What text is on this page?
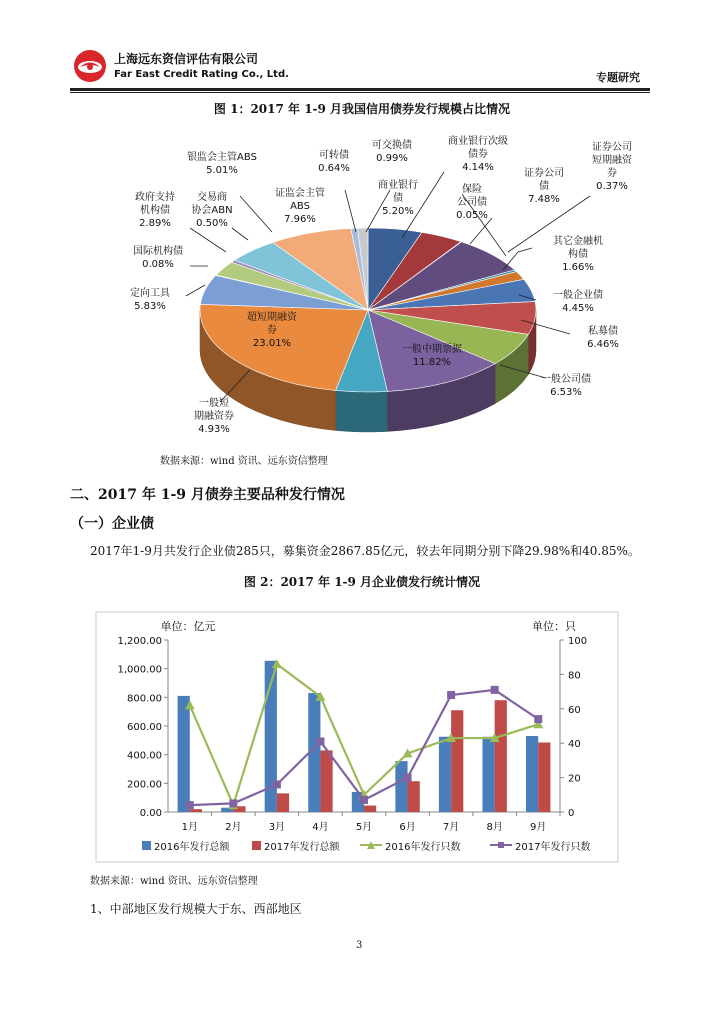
上海远东资信评估有限公司
Far East Credit Rating Co., Ltd.	专题研究
图 1：2017 年 1-9 月我国信用债券发行规模占比情况
商业银行债 5.20%
商业银行次级债券 4.14%
保险公司债 0.05%
证券公司债 7.48%
证券公司短期融资券 0.37%
其它金融机构债 1.66%
一般企业债 4.45%
私募债 6.46%
一般公司债 6.53%
一般中期票据 11.82%
一般短期融资券 4.93%
超短期融资券 23.01%
定向工具 5.83%
国际机构债 0.08%
政府支持机构债 2.89%
交易商协会ABN 0.50%
银监会主管ABS 5.01%
证监会主管 ABS 7.96%
可转债 0.64%
可交换债 0.99%
数据来源：wind 资讯、远东资信整理
二、2017 年 1-9 月债券主要品种发行情况
（一）企业债
2017年1-9月共发行企业债285只，募集资金2867.85亿元，较去年同期分别下降29.98%和40.85%。
图 2：2017 年 1-9 月企业债发行统计情况
单位：亿元	单位：只
0.00
200.00
400.00
600.00
800.00
1,000.00
1,200.00
0
20
40
60
80
100
1月	2月	3月	4月	5月	6月	7月	8月	9月
2016年发行总额	2017年发行总额	2016年发行只数	2017年发行只数
数据来源：wind 资讯、远东资信整理
1、中部地区发行规模大于东、西部地区
3
